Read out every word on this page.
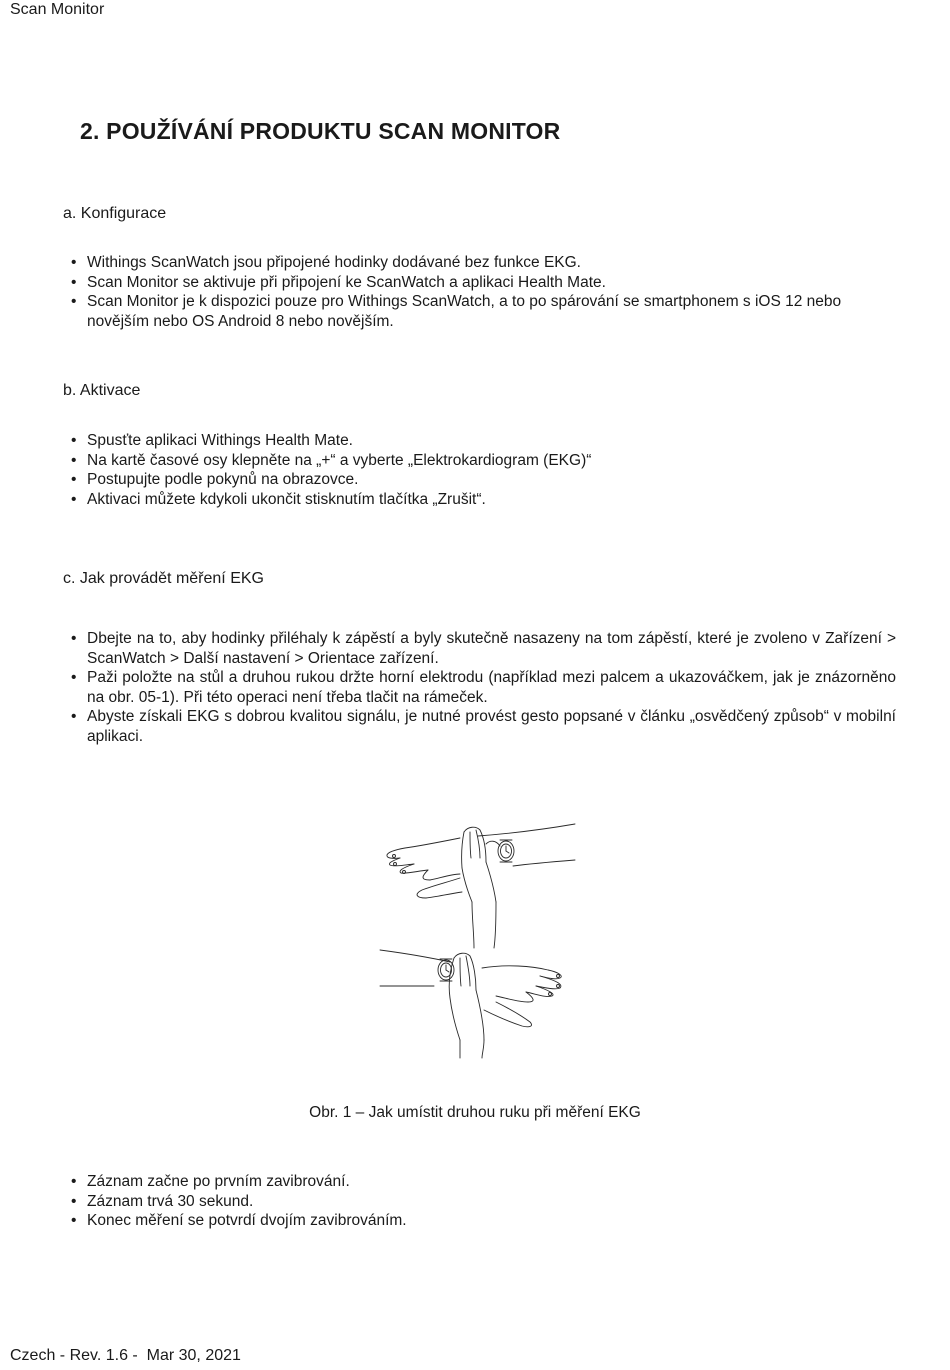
Scan Monitor
2. POUŽÍVÁNÍ PRODUKTU SCAN MONITOR
a. Konfigurace
• Withings ScanWatch jsou připojené hodinky dodávané bez funkce EKG.
• Scan Monitor se aktivuje při připojení ke ScanWatch a aplikaci Health Mate.
• Scan Monitor je k dispozici pouze pro Withings ScanWatch, a to po spárování se smartphonem s iOS 12 nebo novějším nebo OS Android 8 nebo novějším.
b. Aktivace
• Spusťte aplikaci Withings Health Mate.
• Na kartě časové osy klepněte na „+“ a vyberte „Elektrokardiogram (EKG)“
• Postupujte podle pokynů na obrazovce.
• Aktivaci můžete kdykoli ukončit stisknutím tlačítka „Zrušit“.
c. Jak provádět měření EKG
• Dbejte na to, aby hodinky přiléhaly k zápěstí a byly skutečně nasazeny na tom zápěstí, které je zvoleno v Zařízení > ScanWatch > Další nastavení > Orientace zařízení.
• Paži položte na stůl a druhou rukou držte horní elektrodu (například mezi palcem a ukazováčkem, jak je znázorněno na obr. 05-1). Při této operaci není třeba tlačit na rámeček.
• Abyste získali EKG s dobrou kvalitou signálu, je nutné provést gesto popsané v článku „osvědčený způsob“ v mobilní aplikaci.
Obr. 1 – Jak umístit druhou ruku při měření EKG
• Záznam začne po prvním zavibrování.
• Záznam trvá 30 sekund.
• Konec měření se potvrdí dvojím zavibrováním.
Czech - Rev. 1.6 -  Mar 30, 2021
